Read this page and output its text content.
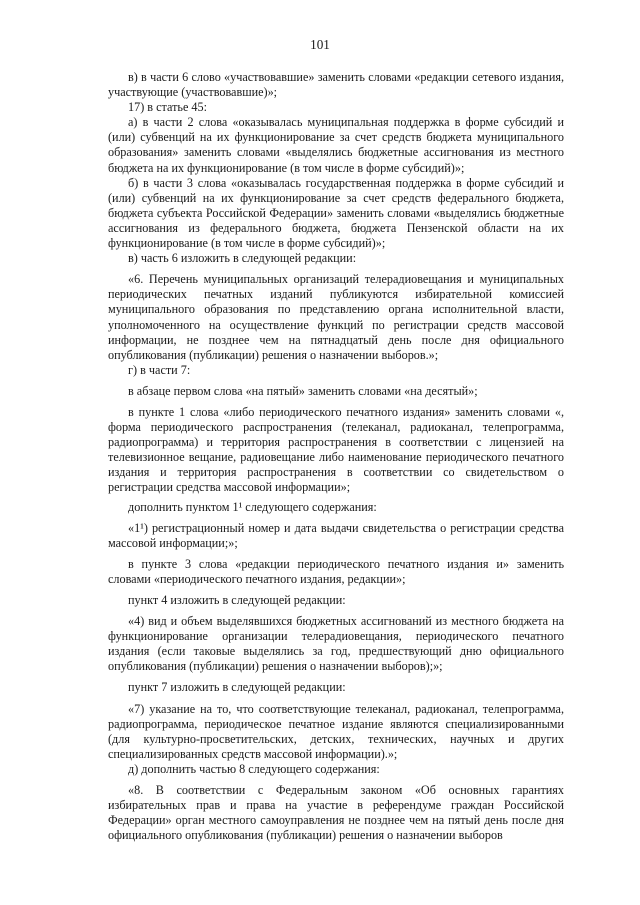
101

в) в части 6 слово «участвовавшие» заменить словами «редакции сетевого издания, участвующие (участвовавшие)»;

17) в статье 45:

а) в части 2 слова «оказывалась муниципальная поддержка в форме субсидий и (или) субвенций на их функционирование за счет средств бюджета муниципального образования» заменить словами «выделялись бюджетные ассигнования из местного бюджета на их функционирование (в том числе в форме субсидий)»;

б) в части 3 слова «оказывалась государственная поддержка в форме субсидий и (или) субвенций на их функционирование за счет средств федерального бюджета, бюджета субъекта Российской Федерации» заменить словами «выделялись бюджетные ассигнования из федерального бюджета, бюджета Пензенской области на их функционирование (в том числе в форме субсидий)»;

в) часть 6 изложить в следующей редакции:

«6. Перечень муниципальных организаций телерадиовещания и муниципальных периодических печатных изданий публикуются избирательной комиссией муниципального образования по представлению органа исполнительной власти, уполномоченного на осуществление функций по регистрации средств массовой информации, не позднее чем на пятнадцатый день после дня официального опубликования (публикации) решения о назначении выборов.»;

г) в части 7:

в абзаце первом слова «на пятый» заменить словами «на десятый»;

в пункте 1 слова «либо периодического печатного издания» заменить словами «, форма периодического распространения (телеканал, радиоканал, телепрограмма, радиопрограмма) и территория распространения в соответствии с лицензией на телевизионное вещание, радиовещание либо наименование периодического печатного издания и территория распространения в соответствии со свидетельством о регистрации средства массовой информации»;

дополнить пунктом 1¹ следующего содержания:

«1¹) регистрационный номер и дата выдачи свидетельства о регистрации средства массовой информации;»;

в пункте 3 слова «редакции периодического печатного издания и» заменить словами «периодического печатного издания, редакции»;

пункт 4 изложить в следующей редакции:

«4) вид и объем выделявшихся бюджетных ассигнований из местного бюджета на функционирование организации телерадиовещания, периодического печатного издания (если таковые выделялись за год, предшествующий дню официального опубликования (публикации) решения о назначении выборов);»;

пункт 7 изложить в следующей редакции:

«7) указание на то, что соответствующие телеканал, радиоканал, телепрограмма, радиопрограмма, периодическое печатное издание являются специализированными (для культурно-просветительских, детских, технических, научных и других специализированных средств массовой информации).»;

д) дополнить частью 8 следующего содержания:

«8. В соответствии с Федеральным законом «Об основных гарантиях избирательных прав и права на участие в референдуме граждан Российской Федерации» орган местного самоуправления не позднее чем на пятый день после дня официального опубликования (публикации) решения о назначении выборов
